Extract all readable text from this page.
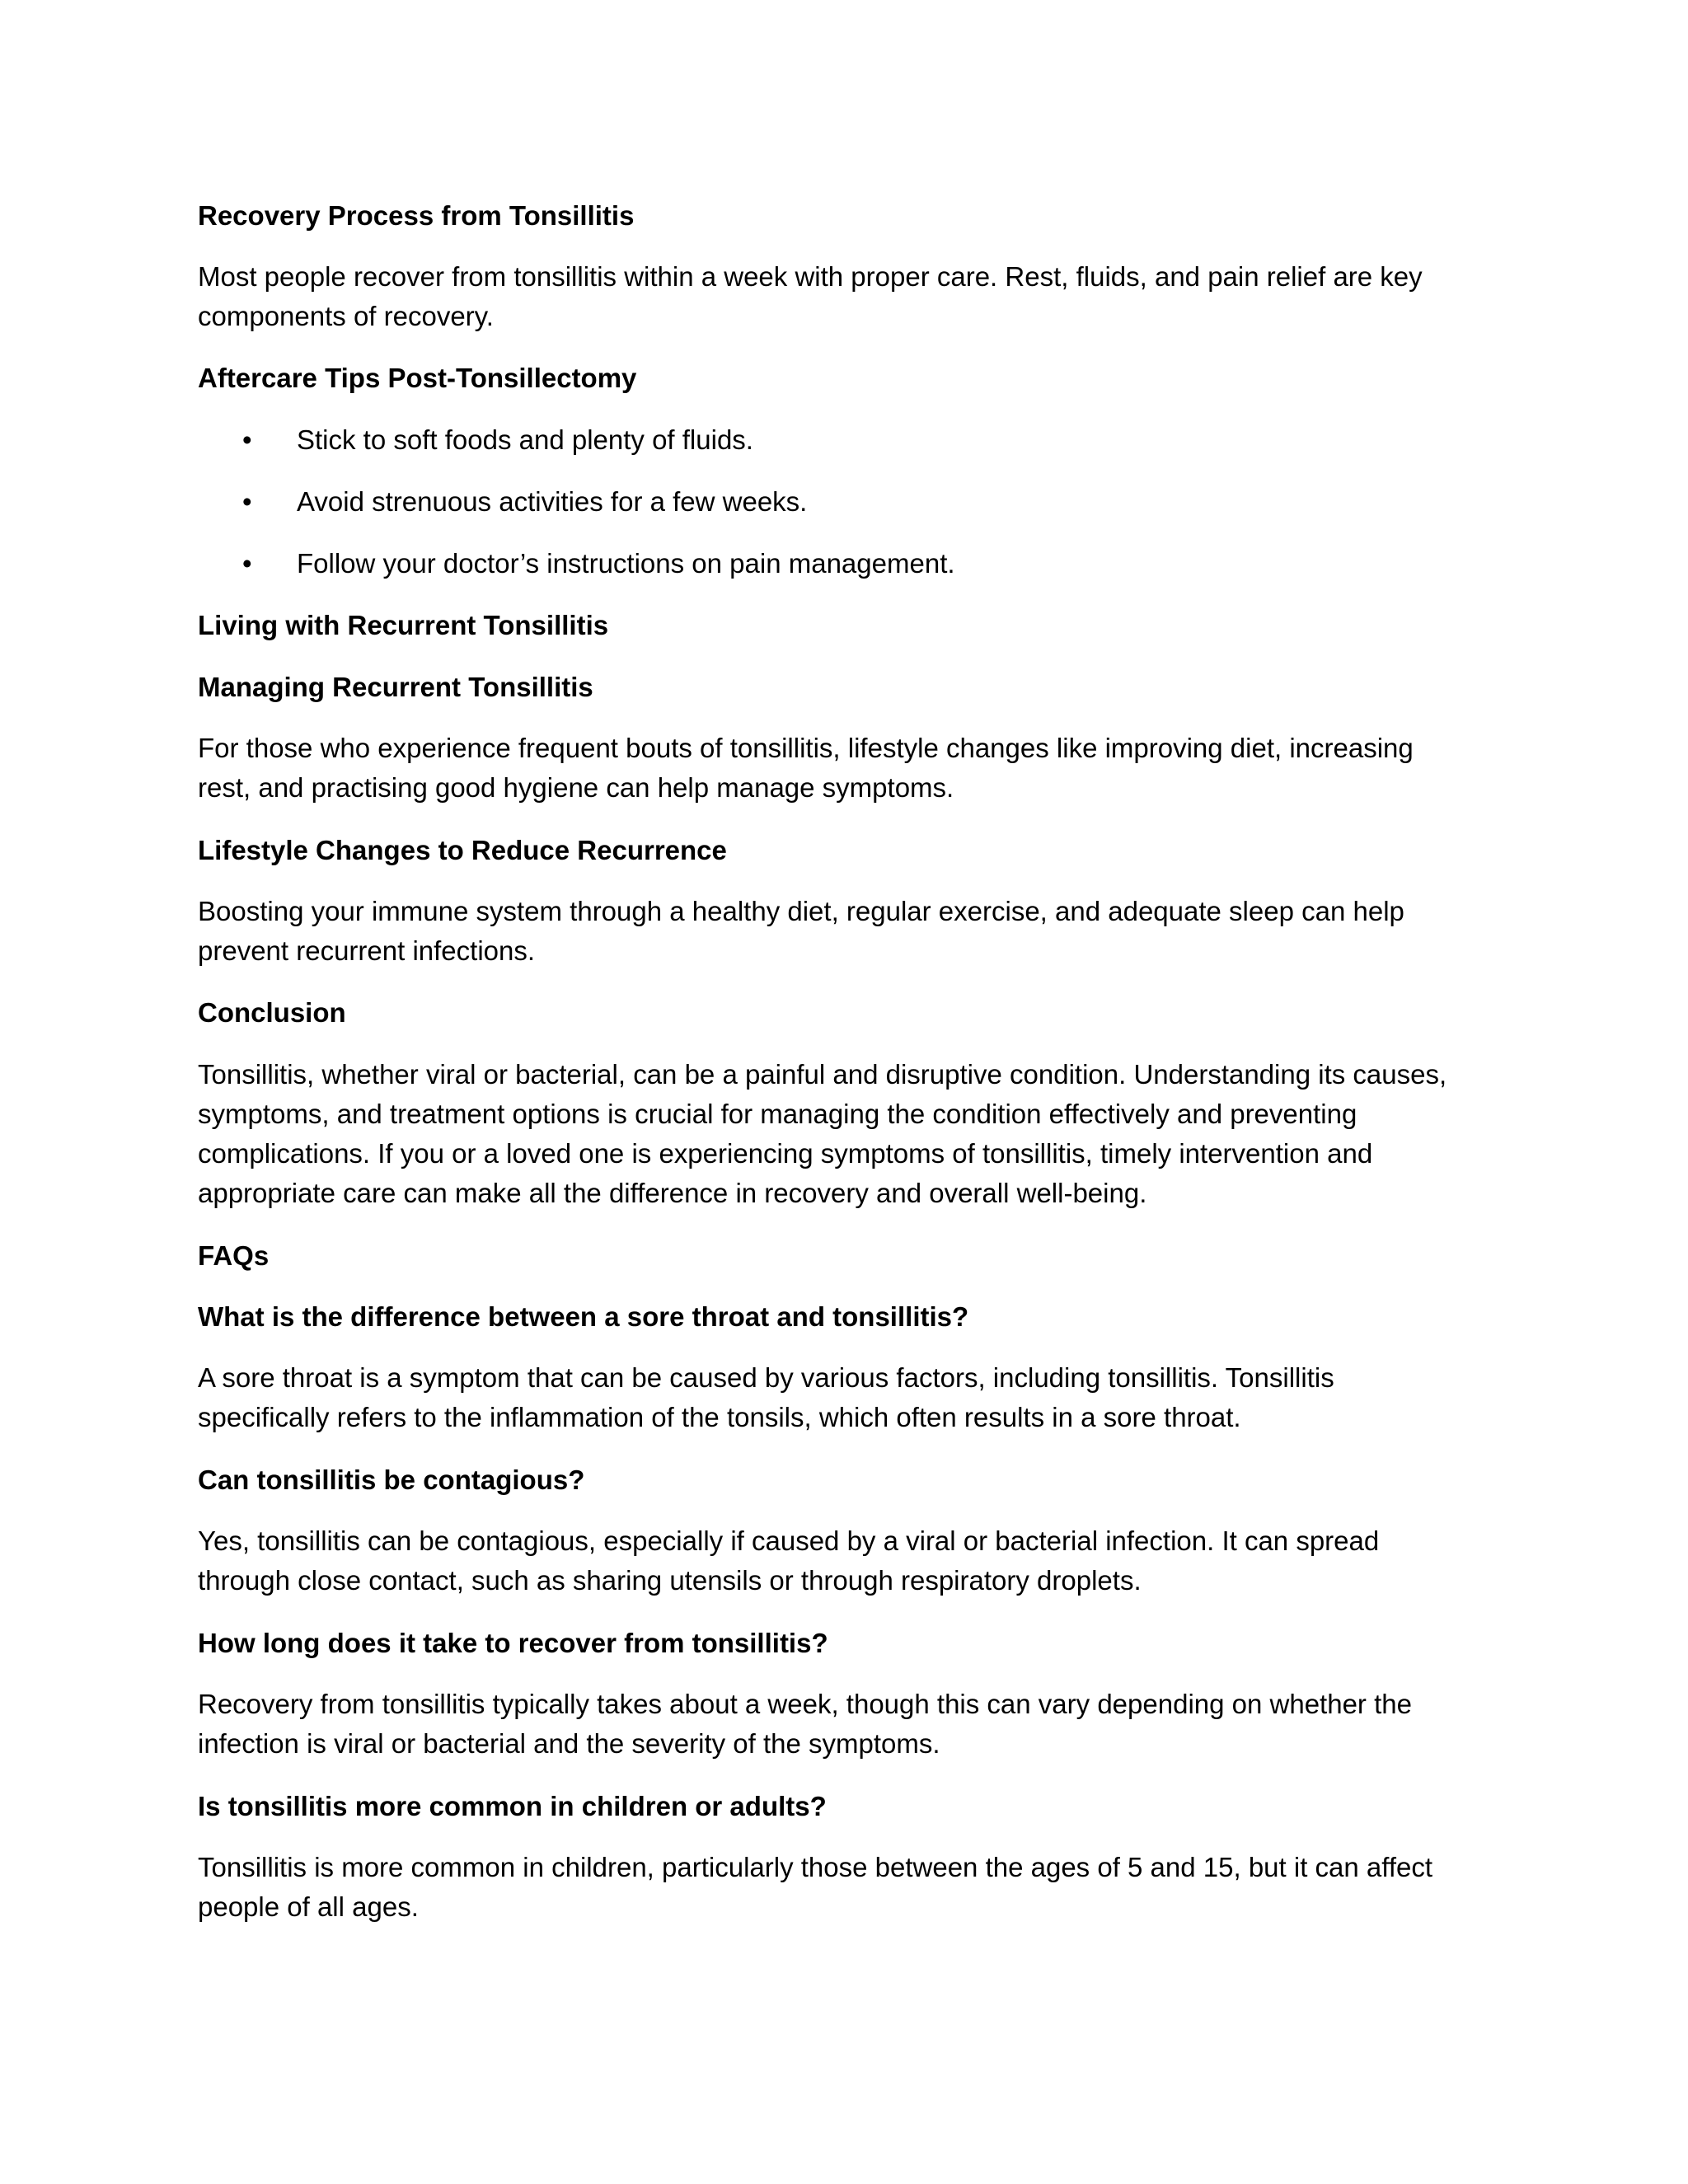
Recovery Process from Tonsillitis

Most people recover from tonsillitis within a week with proper care. Rest, fluids, and pain relief are key

components of recovery.

Aftercare Tips Post-Tonsillectomy

• Stick to soft foods and plenty of fluids.

• Avoid strenuous activities for a few weeks.

• Follow your doctor’s instructions on pain management.

Living with Recurrent Tonsillitis

Managing Recurrent Tonsillitis

For those who experience frequent bouts of tonsillitis, lifestyle changes like improving diet, increasing

rest, and practising good hygiene can help manage symptoms.

Lifestyle Changes to Reduce Recurrence

Boosting your immune system through a healthy diet, regular exercise, and adequate sleep can help

prevent recurrent infections.

Conclusion

Tonsillitis, whether viral or bacterial, can be a painful and disruptive condition. Understanding its causes,

symptoms, and treatment options is crucial for managing the condition effectively and preventing

complications. If you or a loved one is experiencing symptoms of tonsillitis, timely intervention and

appropriate care can make all the difference in recovery and overall well-being.

FAQs

What is the difference between a sore throat and tonsillitis?

A sore throat is a symptom that can be caused by various factors, including tonsillitis. Tonsillitis

specifically refers to the inflammation of the tonsils, which often results in a sore throat.

Can tonsillitis be contagious?

Yes, tonsillitis can be contagious, especially if caused by a viral or bacterial infection. It can spread

through close contact, such as sharing utensils or through respiratory droplets.

How long does it take to recover from tonsillitis?

Recovery from tonsillitis typically takes about a week, though this can vary depending on whether the

infection is viral or bacterial and the severity of the symptoms.

Is tonsillitis more common in children or adults?

Tonsillitis is more common in children, particularly those between the ages of 5 and 15, but it can affect

people of all ages.
